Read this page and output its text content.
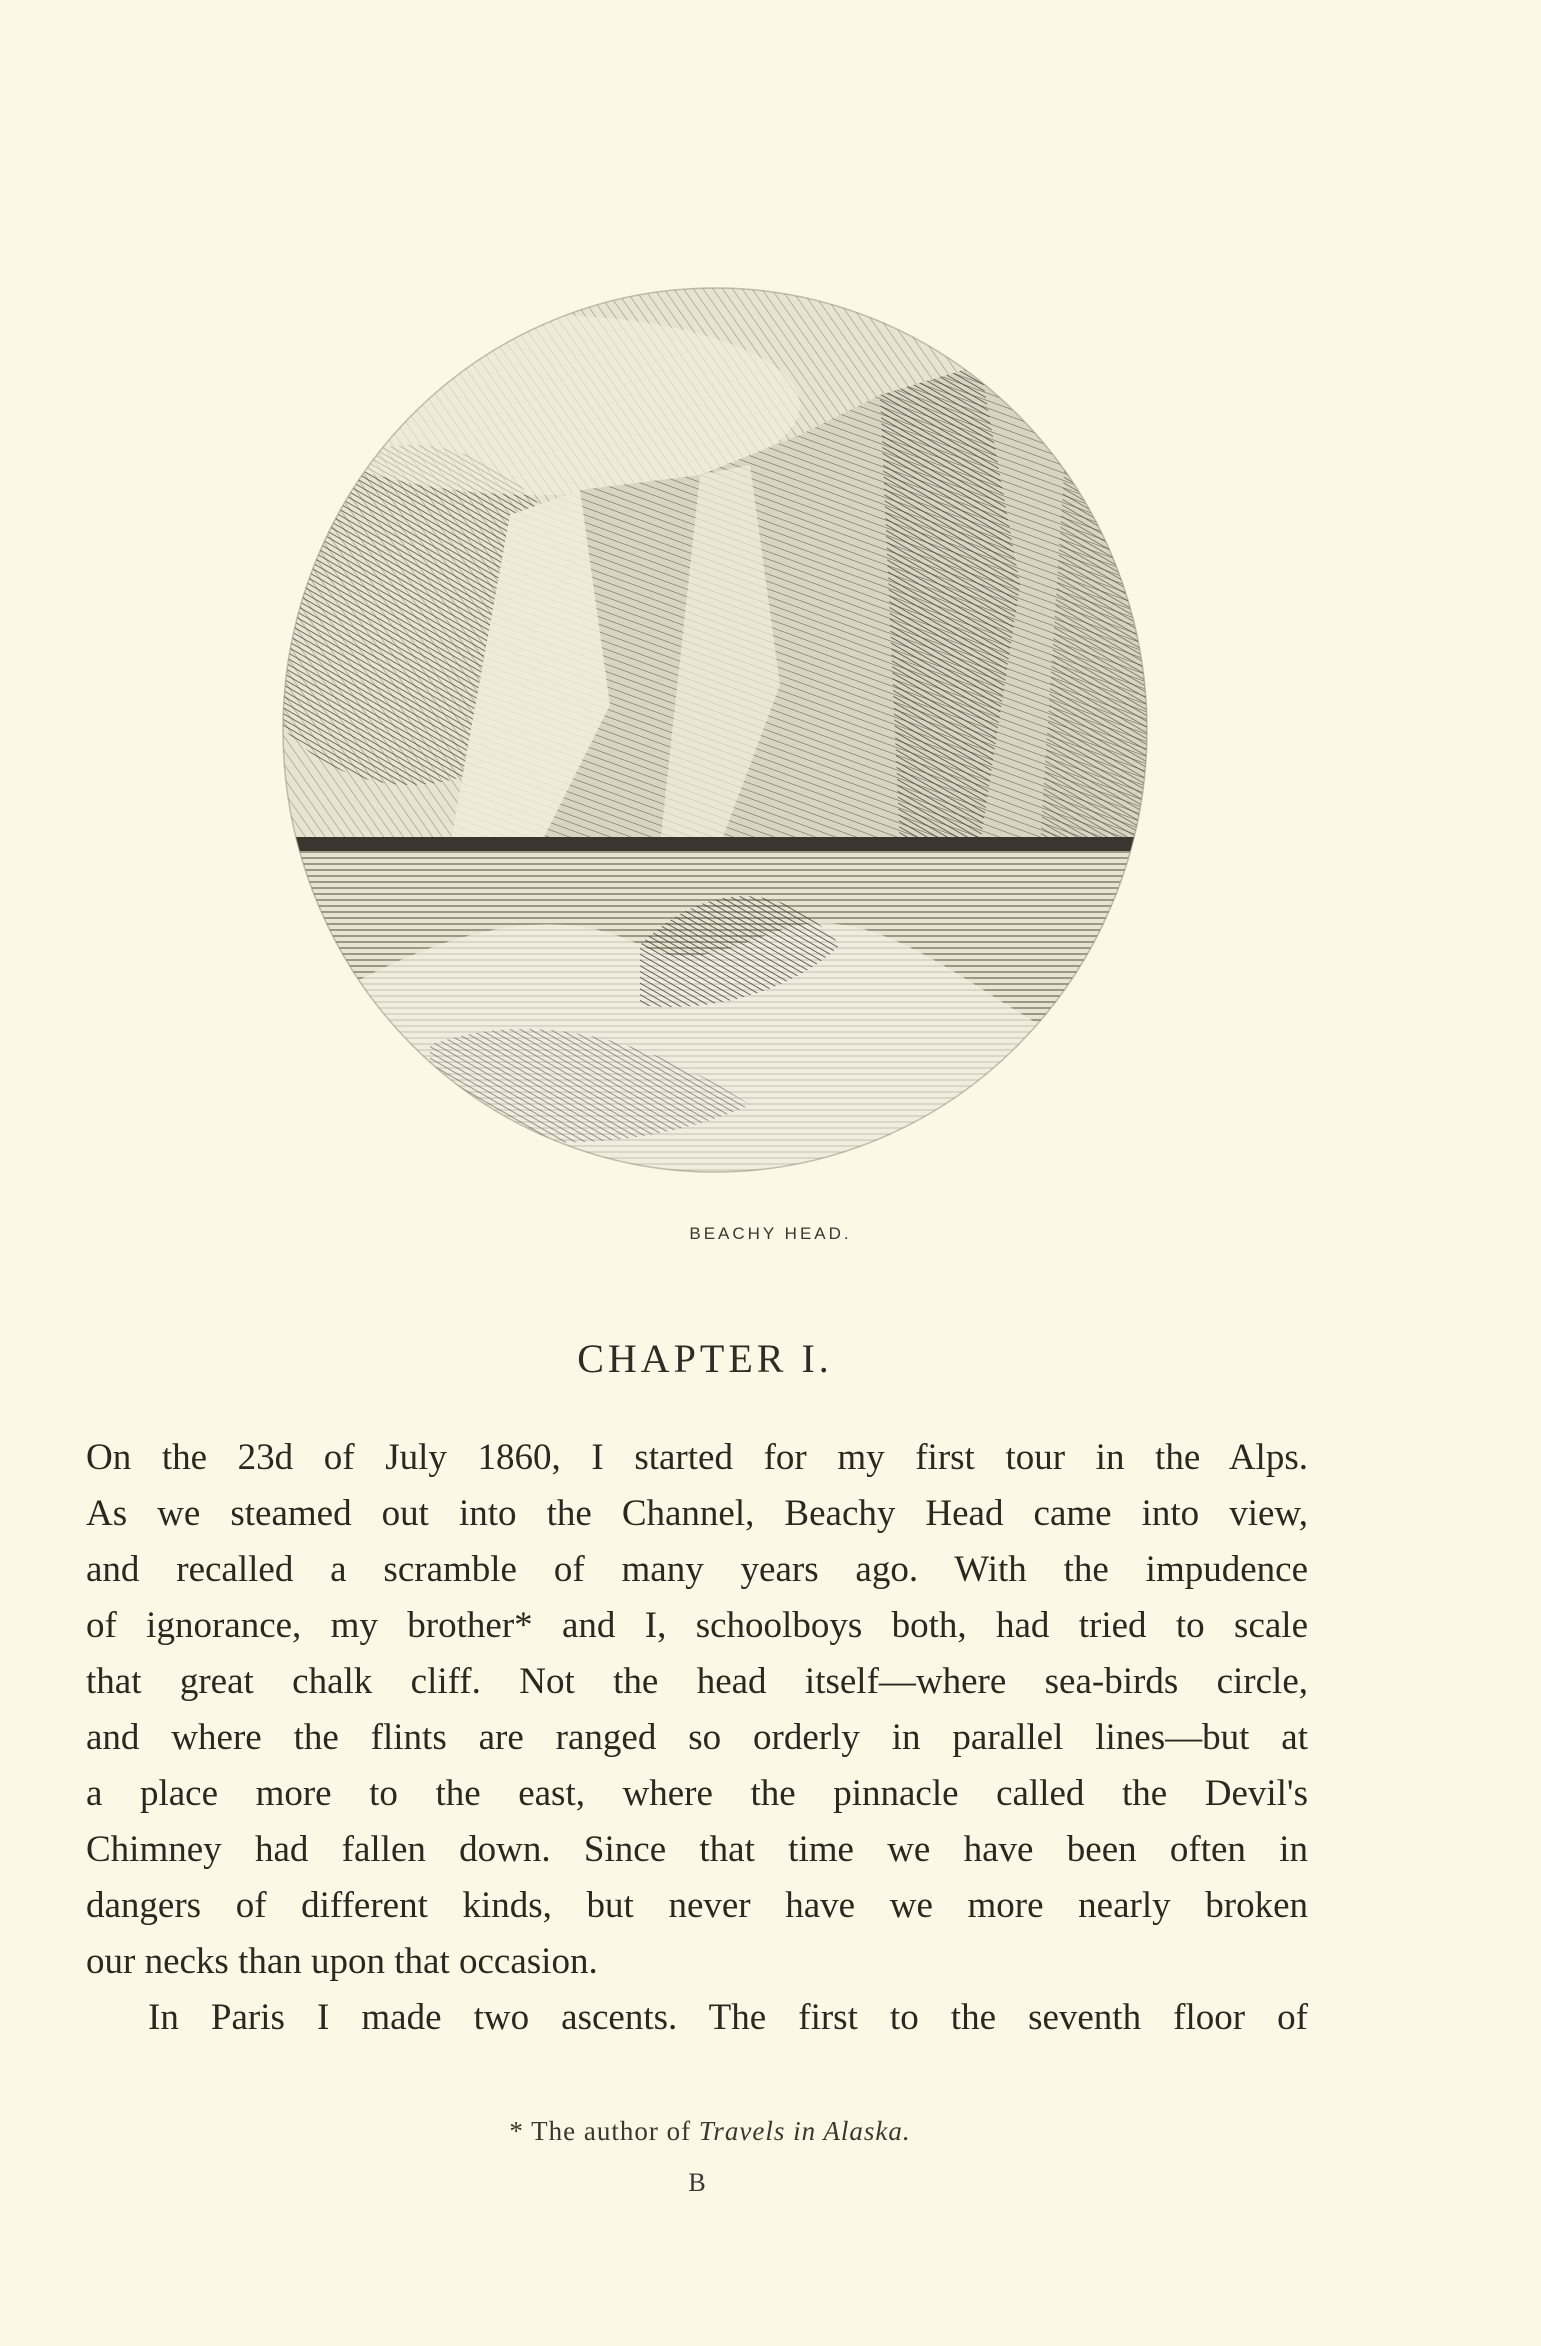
BEACHY HEAD.
CHAPTER I.
On the 23d of July 1860, I started for my first tour in the Alps.
As we steamed out into the Channel, Beachy Head came into view,
and recalled a scramble of many years ago. With the impudence
of ignorance, my brother* and I, schoolboys both, had tried to scale
that great chalk cliff. Not the head itself—where sea-birds circle,
and where the flints are ranged so orderly in parallel lines—but at
a place more to the east, where the pinnacle called the Devil's
Chimney had fallen down. Since that time we have been often in
dangers of different kinds, but never have we more nearly broken
our necks than upon that occasion.
In Paris I made two ascents. The first to the seventh floor of
* The author of Travels in Alaska.
B
